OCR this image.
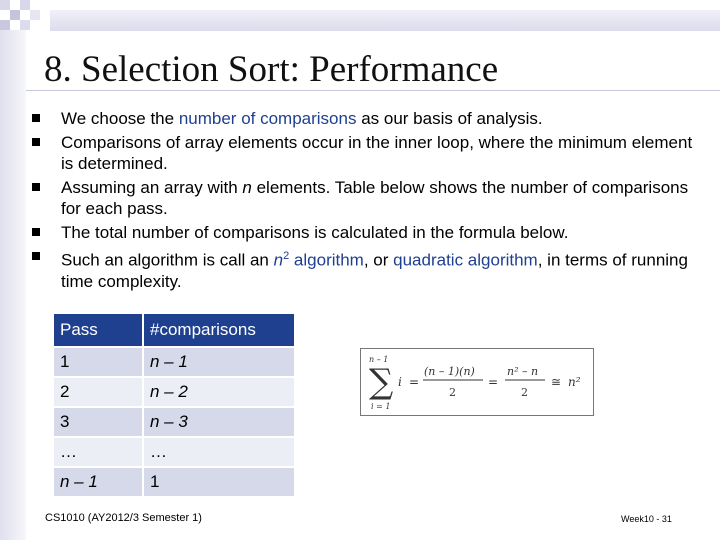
8. Selection Sort: Performance
We choose the number of comparisons as our basis of analysis.
Comparisons of array elements occur in the inner loop, where the minimum element is determined.
Assuming an array with n elements. Table below shows the number of comparisons for each pass.
The total number of comparisons is calculated in the formula below.
Such an algorithm is call an $n^2$ algorithm, or quadratic algorithm, in terms of running time complexity.
Pass	#comparisons
1	n – 1
2	n – 2
3	n – 3
…	…
n – 1	1
n – 1
∑
i = 1
i =
(n – 1)(n)
2
=
n² – n
2
≅ n²
CS1010 (AY2012/3 Semester 1)	Week10 - 31
